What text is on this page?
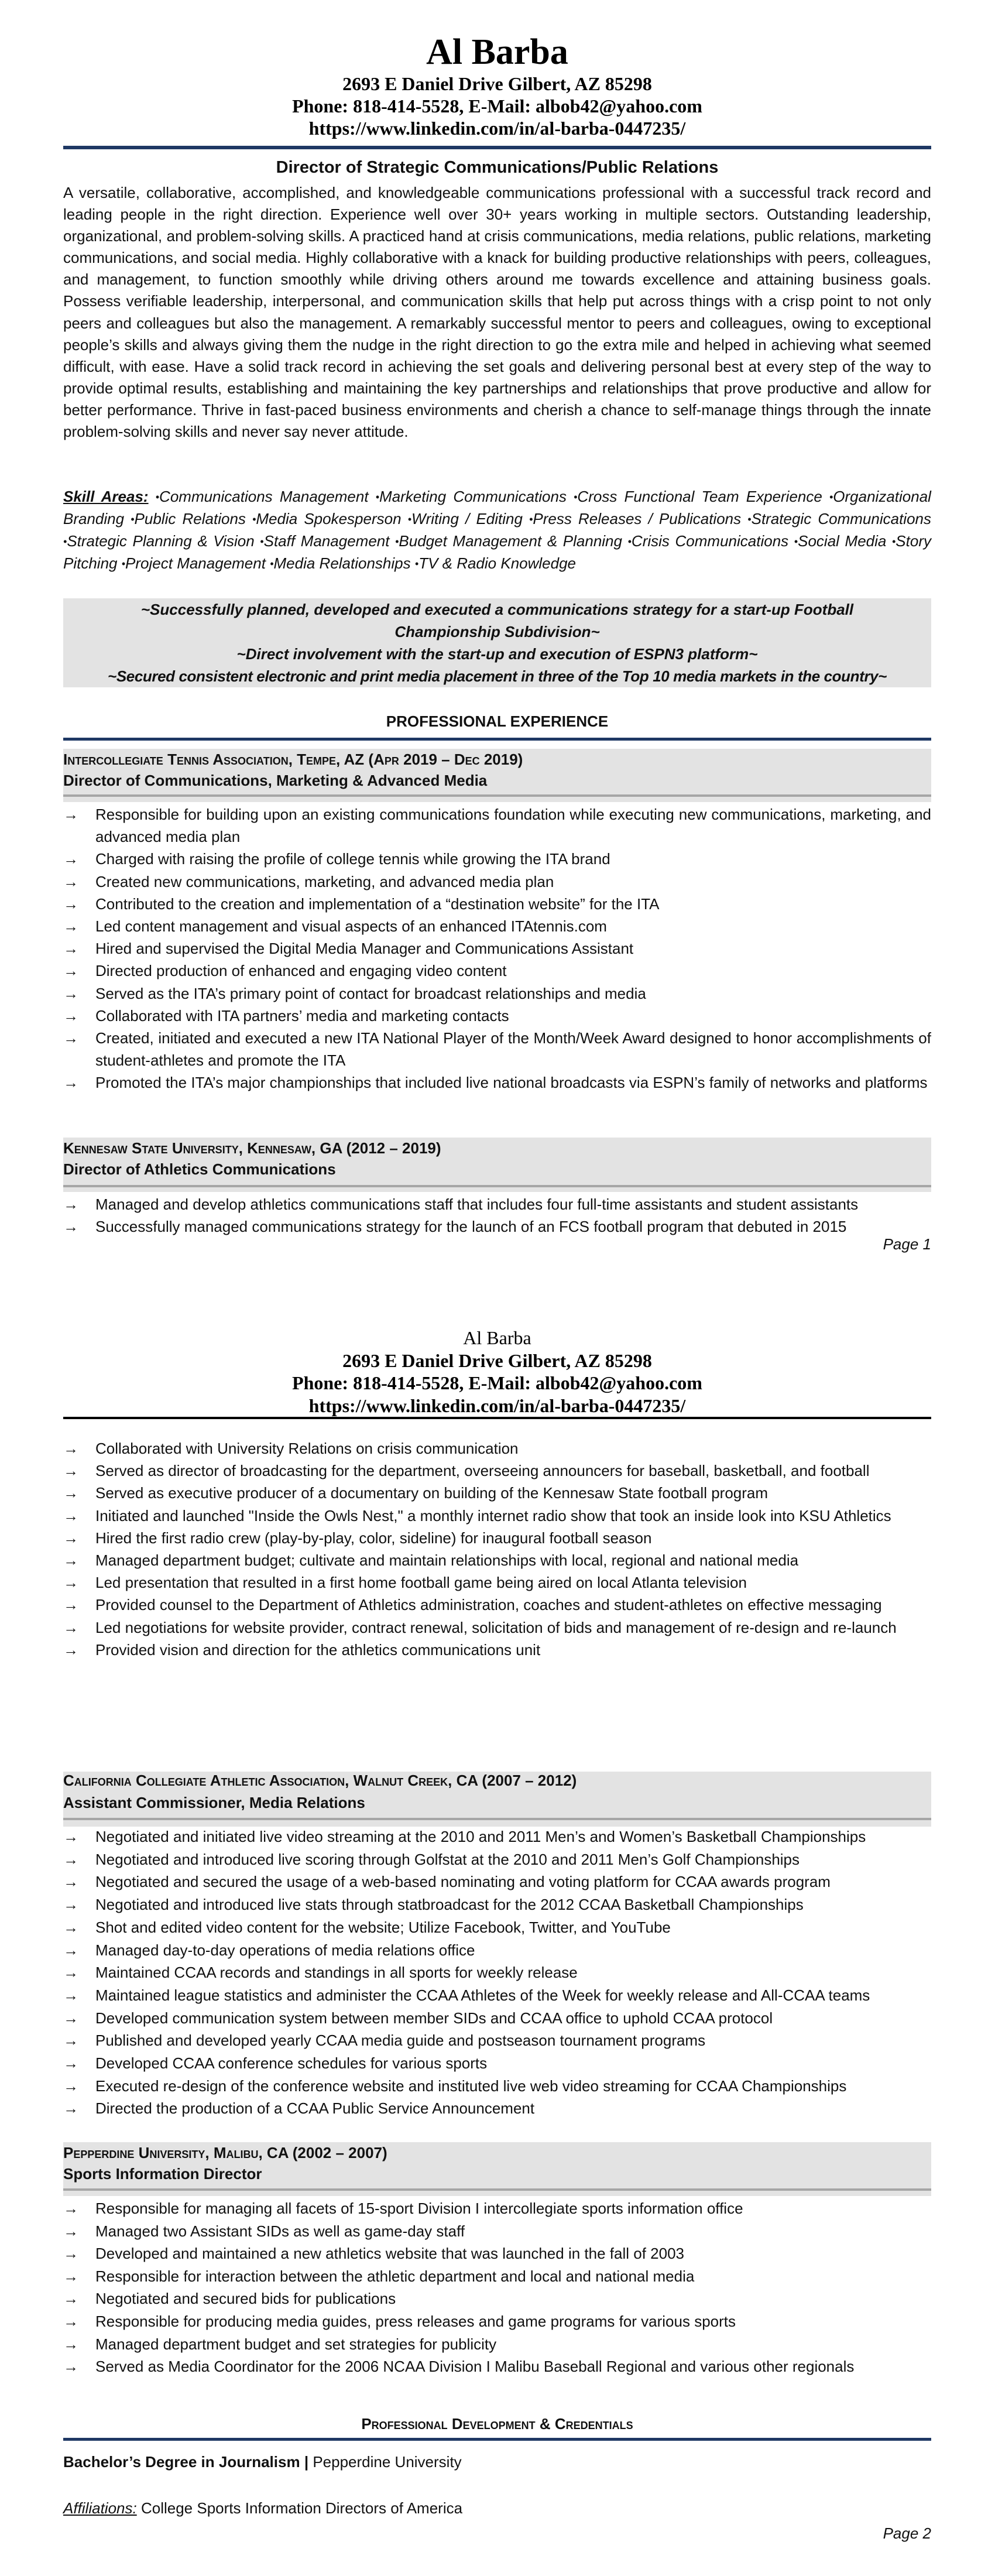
Al Barba
2693 E Daniel Drive Gilbert, AZ 85298
Phone: 818-414-5528, E-Mail: albob42@yahoo.com
https://www.linkedin.com/in/al-barba-0447235/
Director of Strategic Communications/Public Relations
A versatile, collaborative, accomplished, and knowledgeable communications professional with a successful track record and leading people in the right direction. Experience well over 30+ years working in multiple sectors. Outstanding leadership, organizational, and problem-solving skills. A practiced hand at crisis communications, media relations, public relations, marketing communications, and social media. Highly collaborative with a knack for building productive relationships with peers, colleagues, and management, to function smoothly while driving others around me towards excellence and attaining business goals. Possess verifiable leadership, interpersonal, and communication skills that help put across things with a crisp point to not only peers and colleagues but also the management. A remarkably successful mentor to peers and colleagues, owing to exceptional people’s skills and always giving them the nudge in the right direction to go the extra mile and helped in achieving what seemed difficult, with ease. Have a solid track record in achieving the set goals and delivering personal best at every step of the way to provide optimal results, establishing and maintaining the key partnerships and relationships that prove productive and allow for better performance. Thrive in fast-paced business environments and cherish a chance to self-manage things through the innate problem-solving skills and never say never attitude.
Skill Areas: •Communications Management •Marketing Communications •Cross Functional Team Experience •Organizational Branding •Public Relations •Media Spokesperson •Writing / Editing •Press Releases / Publications •Strategic Communications •Strategic Planning & Vision •Staff Management •Budget Management & Planning •Crisis Communications •Social Media •Story Pitching •Project Management •Media Relationships •TV & Radio Knowledge
~Successfully planned, developed and executed a communications strategy for a start-up Football Championship Subdivision~
~Direct involvement with the start-up and execution of ESPN3 platform~
~Secured consistent electronic and print media placement in three of the Top 10 media markets in the country~
PROFESSIONAL EXPERIENCE
Intercollegiate Tennis Association, Tempe, AZ (Apr 2019 – Dec 2019)
Director of Communications, Marketing & Advanced Media
→ Responsible for building upon an existing communications foundation while executing new communications, marketing, and advanced media plan
→ Charged with raising the profile of college tennis while growing the ITA brand
→ Created new communications, marketing, and advanced media plan
→ Contributed to the creation and implementation of a “destination website” for the ITA
→ Led content management and visual aspects of an enhanced ITAtennis.com
→ Hired and supervised the Digital Media Manager and Communications Assistant
→ Directed production of enhanced and engaging video content
→ Served as the ITA’s primary point of contact for broadcast relationships and media
→ Collaborated with ITA partners’ media and marketing contacts
→ Created, initiated and executed a new ITA National Player of the Month/Week Award designed to honor accomplishments of student-athletes and promote the ITA
→ Promoted the ITA’s major championships that included live national broadcasts via ESPN’s family of networks and platforms
Kennesaw State University, Kennesaw, GA (2012 – 2019)
Director of Athletics Communications
→ Managed and develop athletics communications staff that includes four full-time assistants and student assistants
→ Successfully managed communications strategy for the launch of an FCS football program that debuted in 2015
Page 1
Al Barba
2693 E Daniel Drive Gilbert, AZ 85298
Phone: 818-414-5528, E-Mail: albob42@yahoo.com
https://www.linkedin.com/in/al-barba-0447235/
→ Collaborated with University Relations on crisis communication
→ Served as director of broadcasting for the department, overseeing announcers for baseball, basketball, and football
→ Served as executive producer of a documentary on building of the Kennesaw State football program
→ Initiated and launched "Inside the Owls Nest," a monthly internet radio show that took an inside look into KSU Athletics
→ Hired the first radio crew (play-by-play, color, sideline) for inaugural football season
→ Managed department budget; cultivate and maintain relationships with local, regional and national media
→ Led presentation that resulted in a first home football game being aired on local Atlanta television
→ Provided counsel to the Department of Athletics administration, coaches and student-athletes on effective messaging
→ Led negotiations for website provider, contract renewal, solicitation of bids and management of re-design and re-launch
→ Provided vision and direction for the athletics communications unit
California Collegiate Athletic Association, Walnut Creek, CA (2007 – 2012)
Assistant Commissioner, Media Relations
→ Negotiated and initiated live video streaming at the 2010 and 2011 Men’s and Women’s Basketball Championships
→ Negotiated and introduced live scoring through Golfstat at the 2010 and 2011 Men’s Golf Championships
→ Negotiated and secured the usage of a web-based nominating and voting platform for CCAA awards program
→ Negotiated and introduced live stats through statbroadcast for the 2012 CCAA Basketball Championships
→ Shot and edited video content for the website; Utilize Facebook, Twitter, and YouTube
→ Managed day-to-day operations of media relations office
→ Maintained CCAA records and standings in all sports for weekly release
→ Maintained league statistics and administer the CCAA Athletes of the Week for weekly release and All-CCAA teams
→ Developed communication system between member SIDs and CCAA office to uphold CCAA protocol
→ Published and developed yearly CCAA media guide and postseason tournament programs
→ Developed CCAA conference schedules for various sports
→ Executed re-design of the conference website and instituted live web video streaming for CCAA Championships
→ Directed the production of a CCAA Public Service Announcement
Pepperdine University, Malibu, CA (2002 – 2007)
Sports Information Director
→ Responsible for managing all facets of 15-sport Division I intercollegiate sports information office
→ Managed two Assistant SIDs as well as game-day staff
→ Developed and maintained a new athletics website that was launched in the fall of 2003
→ Responsible for interaction between the athletic department and local and national media
→ Negotiated and secured bids for publications
→ Responsible for producing media guides, press releases and game programs for various sports
→ Managed department budget and set strategies for publicity
→ Served as Media Coordinator for the 2006 NCAA Division I Malibu Baseball Regional and various other regionals
Professional Development & Credentials
Bachelor’s Degree in Journalism | Pepperdine University
Affiliations: College Sports Information Directors of America
Page 2
